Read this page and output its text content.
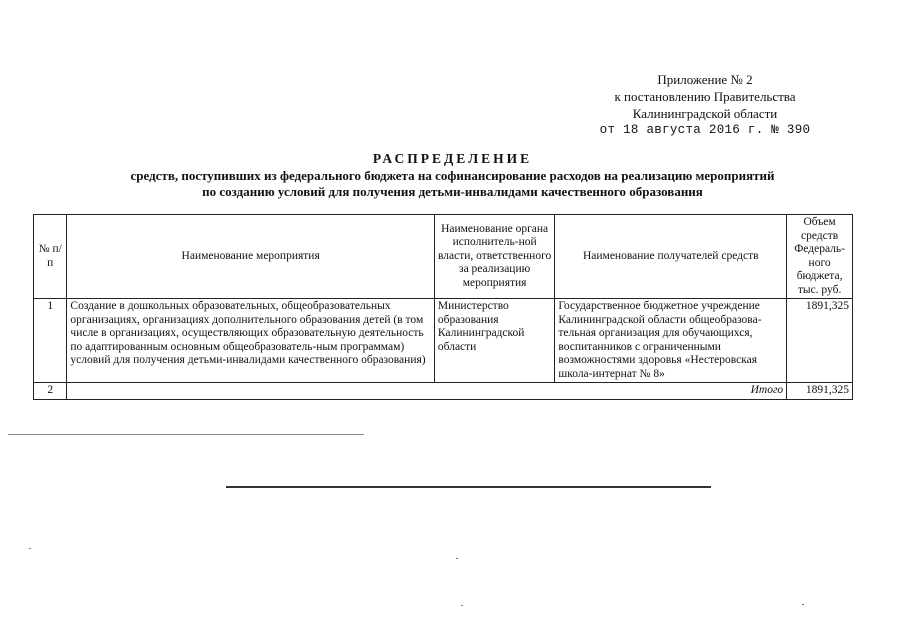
Приложение № 2
к постановлению Правительства
Калининградской области
от 18 августа 2016 г. № 390
РАСПРЕДЕЛЕНИЕ
средств, поступивших из федерального бюджета на софинансирование расходов на реализацию мероприятий
по созданию условий для получения детьми-инвалидами качественного образования
№ п/п	Наименование мероприятия	Наименование органа исполнитель-ной власти, ответственного за реализацию мероприятия	Наименование получателей средств	Объем средств Федераль-ного бюджета, тыс. руб.
1	Создание в дошкольных образовательных, общеобразовательных организациях, организациях дополнительного образования детей (в том числе в организациях, осуществляющих образовательную деятельность по адаптированным основным общеобразователь-ным программам) условий для получения детьми-инвалидами качественного образования)	Министерство образования Калининградской области	Государственное бюджетное учреждение Калининградской области общеобразова-тельная организация для обучающихся, воспитанников с ограниченными возможностями здоровья «Нестеровская школа-интернат № 8»	1891,325
2	Итого			1891,325
